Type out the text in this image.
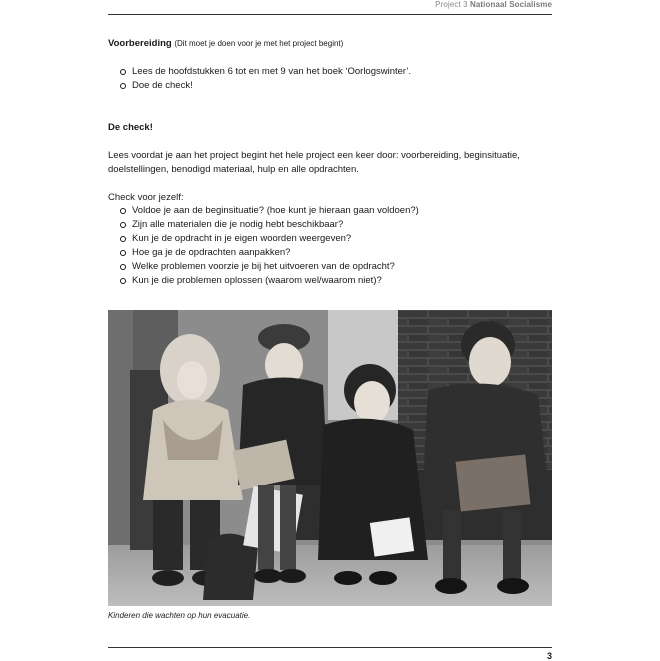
Project 3 Nationaal Socialisme
Voorbereiding (Dit moet je doen voor je met het project begint)
Lees de hoofdstukken 6 tot en met 9 van het boek ‘Oorlogswinter’.
Doe de check!
De check!

Lees voordat je aan het project begint het hele project een keer door: voorbereiding, beginsituatie, doelstellingen, benodigd materiaal, hulp en alle opdrachten.

Check voor jezelf:

Voldoe je aan de beginsituatie? (hoe kunt je hieraan gaan voldoen?)
Zijn alle materialen die je nodig hebt beschikbaar?
Kun je de opdracht in je eigen woorden weergeven?
Hoe ga je de opdrachten aanpakken?
Welke problemen voorzie je bij het uitvoeren van de opdracht?
Kun je die problemen oplossen (waarom wel/waarom niet)?
Kinderen die wachten op hun evacuatie.
3
